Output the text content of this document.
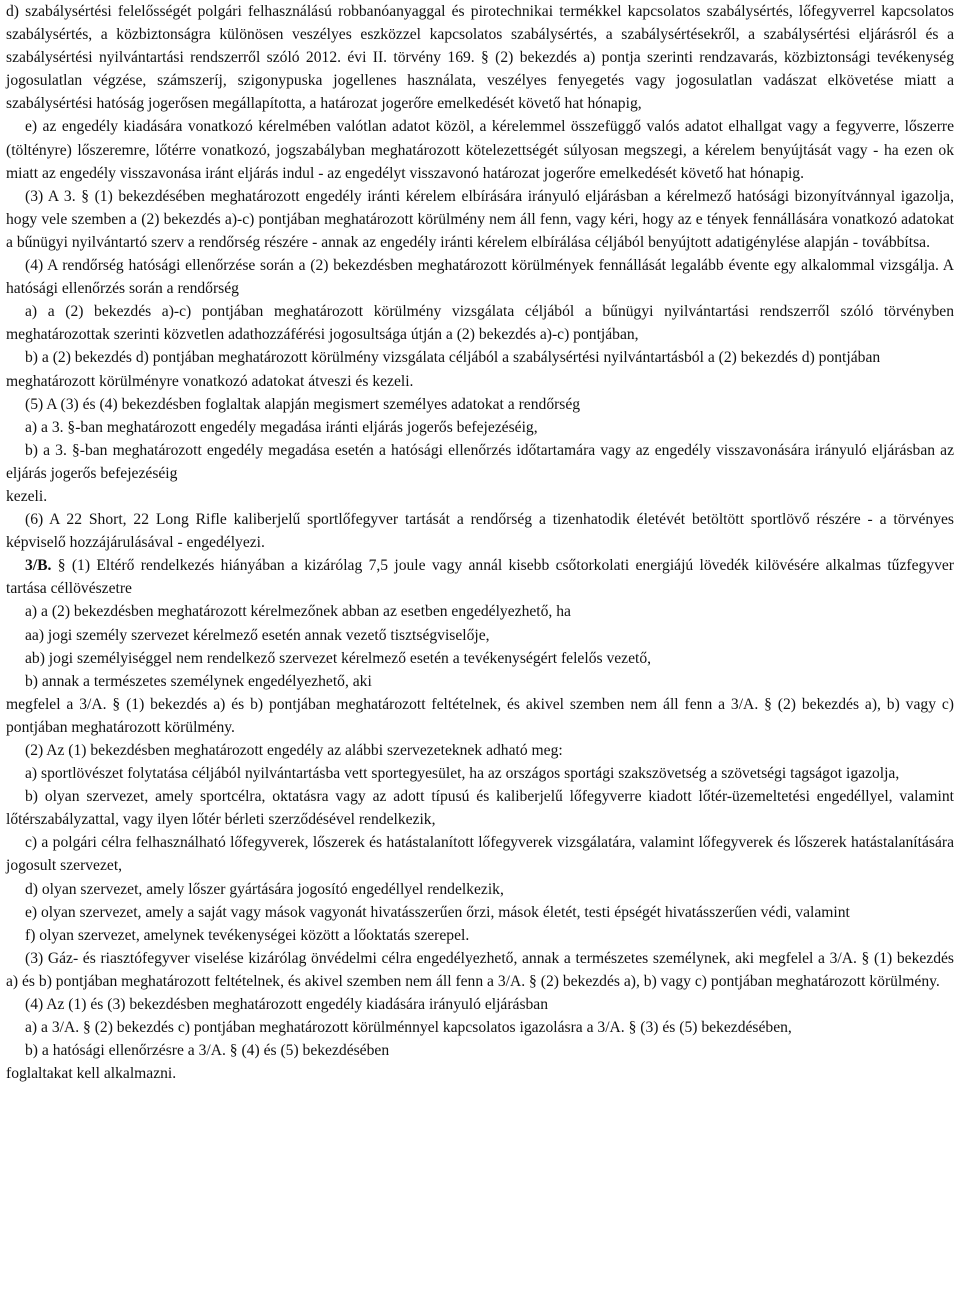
d) szabálysértési felelősségét polgári felhasználású robbanóanyaggal és pirotechnikai termékkel kapcsolatos szabálysértés, lőfegyverrel kapcsolatos szabálysértés, a közbiztonságra különösen veszélyes eszközzel kapcsolatos szabálysértés, a szabálysértésekről, a szabálysértési eljárásról és a szabálysértési nyilvántartási rendszerről szóló 2012. évi II. törvény 169. § (2) bekezdés a) pontja szerinti rendzavarás, közbiztonsági tevékenység jogosulatlan végzése, számszeríj, szigonypuska jogellenes használata, veszélyes fenyegetés vagy jogosulatlan vadászat elkövetése miatt a szabálysértési hatóság jogerősen megállapította, a határozat jogerőre emelkedését követő hat hónapig,

e) az engedély kiadására vonatkozó kérelmében valótlan adatot közöl, a kérelemmel összefüggő valós adatot elhallgat vagy a fegyverre, lőszerre (töltényre) lőszeremre, lőtérre vonatkozó, jogszabályban meghatározott kötelezettségét súlyosan megszegi, a kérelem benyújtását vagy - ha ezen ok miatt az engedély visszavonása iránt eljárás indul - az engedélyt visszavonó határozat jogerőre emelkedését követő hat hónapig.

(3) A 3. § (1) bekezdésében meghatározott engedély iránti kérelem elbírására irányuló eljárásban a kérelmező hatósági bizonyítvánnyal igazolja, hogy vele szemben a (2) bekezdés a)-c) pontjában meghatározott körülmény nem áll fenn, vagy kéri, hogy az e tények fennállására vonatkozó adatokat a bűnügyi nyilvántartó szerv a rendőrség részére - annak az engedély iránti kérelem elbírálása céljából benyújtott adatigénylése alapján - továbbítsa.

(4) A rendőrség hatósági ellenőrzése során a (2) bekezdésben meghatározott körülmények fennállását legalább évente egy alkalommal vizsgálja. A hatósági ellenőrzés során a rendőrség

a) a (2) bekezdés a)-c) pontjában meghatározott körülmény vizsgálata céljából a bűnügyi nyilvántartási rendszerről szóló törvényben meghatározottak szerinti közvetlen adathozzáférési jogosultsága útján a (2) bekezdés a)-c) pontjában,

b) a (2) bekezdés d) pontjában meghatározott körülmény vizsgálata céljából a szabálysértési nyilvántartásból a (2) bekezdés d) pontjában

meghatározott körülményre vonatkozó adatokat átveszi és kezeli.

(5) A (3) és (4) bekezdésben foglaltak alapján megismert személyes adatokat a rendőrség

a) a 3. §-ban meghatározott engedély megadása iránti eljárás jogerős befejezéséig,

b) a 3. §-ban meghatározott engedély megadása esetén a hatósági ellenőrzés időtartamára vagy az engedély visszavonására irányuló eljárásban az eljárás jogerős befejezéséig

kezeli.

(6) A 22 Short, 22 Long Rifle kaliberjelű sportlőfegyver tartását a rendőrség a tizenhatodik életévét betöltött sportlövő részére - a törvényes képviselő hozzájárulásával - engedélyezi.

3/B. § (1) Eltérő rendelkezés hiányában a kizárólag 7,5 joule vagy annál kisebb csőtorkolati energiájú lövedék kilövésére alkalmas tűzfegyver tartása céllövészetre

a) a (2) bekezdésben meghatározott kérelmezőnek abban az esetben engedélyezhető, ha

aa) jogi személy szervezet kérelmező esetén annak vezető tisztségviselője,

ab) jogi személyiséggel nem rendelkező szervezet kérelmező esetén a tevékenységért felelős vezető,

b) annak a természetes személynek engedélyezhető, aki

megfelel a 3/A. § (1) bekezdés a) és b) pontjában meghatározott feltételnek, és akivel szemben nem áll fenn a 3/A. § (2) bekezdés a), b) vagy c) pontjában meghatározott körülmény.

(2) Az (1) bekezdésben meghatározott engedély az alábbi szervezeteknek adható meg:

a) sportlövészet folytatása céljából nyilvántartásba vett sportegyesület, ha az országos sportági szakszövetség a szövetségi tagságot igazolja,

b) olyan szervezet, amely sportcélra, oktatásra vagy az adott típusú és kaliberjelű lőfegyverre kiadott lőtér-üzemeltetési engedéllyel, valamint lőtérszabályzattal, vagy ilyen lőtér bérleti szerződésével rendelkezik,

c) a polgári célra felhasználható lőfegyverek, lőszerek és hatástalanított lőfegyverek vizsgálatára, valamint lőfegyverek és lőszerek hatástalanítására jogosult szervezet,

d) olyan szervezet, amely lőszer gyártására jogosító engedéllyel rendelkezik,

e) olyan szervezet, amely a saját vagy mások vagyonát hivatásszerűen őrzi, mások életét, testi épségét hivatásszerűen védi, valamint

f) olyan szervezet, amelynek tevékenységei között a lőoktatás szerepel.

(3) Gáz- és riasztófegyver viselése kizárólag önvédelmi célra engedélyezhető, annak a természetes személynek, aki megfelel a 3/A. § (1) bekezdés a) és b) pontjában meghatározott feltételnek, és akivel szemben nem áll fenn a 3/A. § (2) bekezdés a), b) vagy c) pontjában meghatározott körülmény.

(4) Az (1) és (3) bekezdésben meghatározott engedély kiadására irányuló eljárásban

a) a 3/A. § (2) bekezdés c) pontjában meghatározott körülménnyel kapcsolatos igazolásra a 3/A. § (3) és (5) bekezdésében,

b) a hatósági ellenőrzésre a 3/A. § (4) és (5) bekezdésében

foglaltakat kell alkalmazni.
